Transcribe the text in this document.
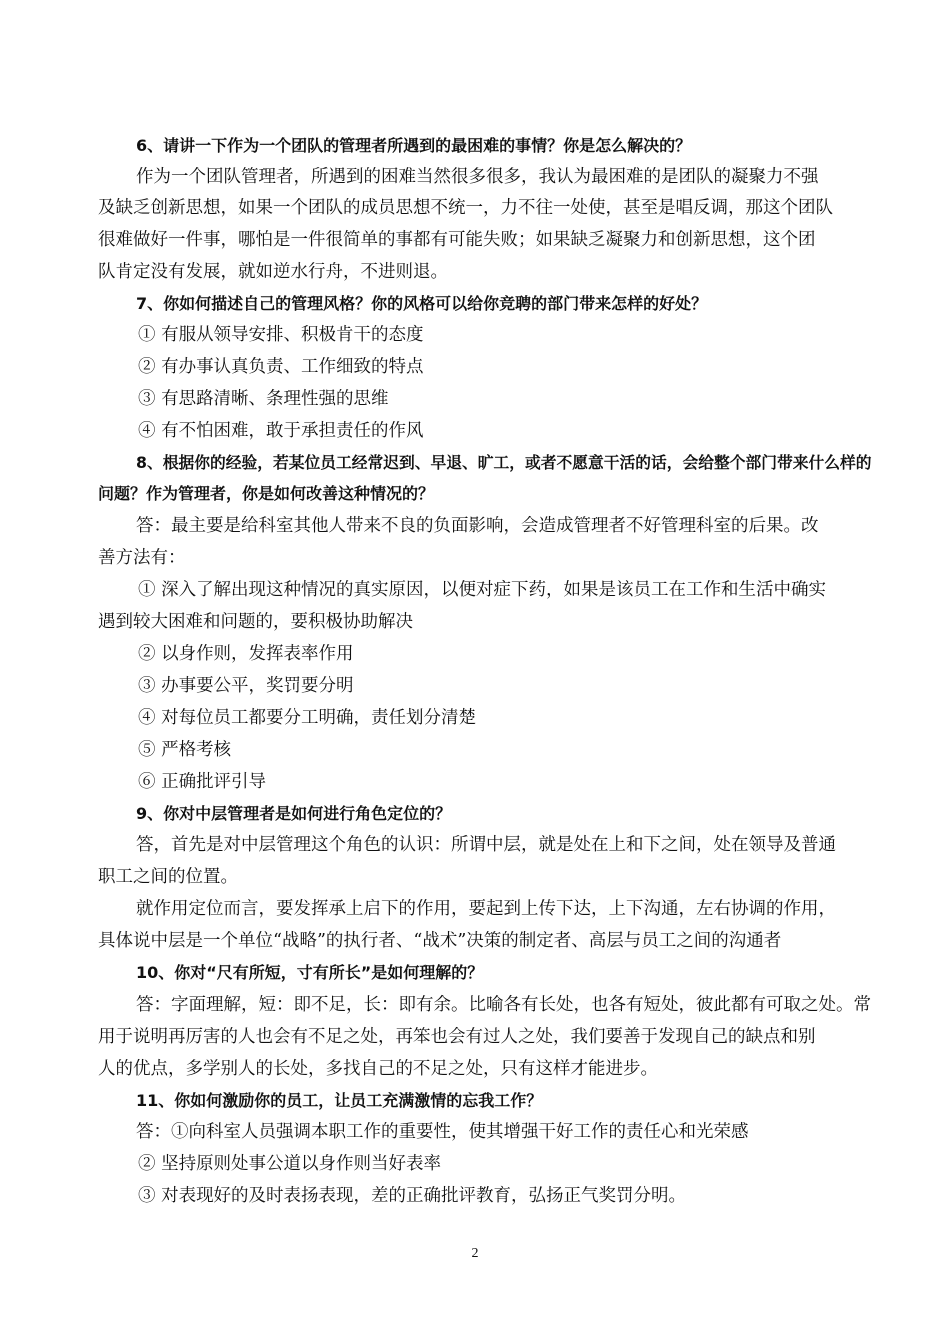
6、请讲一下作为一个团队的管理者所遇到的最困难的事情？你是怎么解决的？
作为一个团队管理者，所遇到的困难当然很多很多，我认为最困难的是团队的凝聚力不强
及缺乏创新思想，如果一个团队的成员思想不统一，力不往一处使，甚至是唱反调，那这个团队
很难做好一件事，哪怕是一件很简单的事都有可能失败；如果缺乏凝聚力和创新思想，这个团
队肯定没有发展，就如逆水行舟，不进则退。
7、你如何描述自己的管理风格？你的风格可以给你竞聘的部门带来怎样的好处？
① 有服从领导安排、积极肯干的态度
② 有办事认真负责、工作细致的特点
③ 有思路清晰、条理性强的思维
④ 有不怕困难，敢于承担责任的作风
8、根据你的经验，若某位员工经常迟到、早退、旷工，或者不愿意干活的话，会给整个部门带来什么样的
问题？作为管理者，你是如何改善这种情况的？
答：最主要是给科室其他人带来不良的负面影响，会造成管理者不好管理科室的后果。改
善方法有：
① 深入了解出现这种情况的真实原因，以便对症下药，如果是该员工在工作和生活中确实
遇到较大困难和问题的，要积极协助解决
② 以身作则，发挥表率作用
③ 办事要公平，奖罚要分明
④ 对每位员工都要分工明确，责任划分清楚
⑤ 严格考核
⑥ 正确批评引导
9、你对中层管理者是如何进行角色定位的？
答，首先是对中层管理这个角色的认识：所谓中层，就是处在上和下之间，处在领导及普通
职工之间的位置。
就作用定位而言，要发挥承上启下的作用，要起到上传下达，上下沟通，左右协调的作用，
具体说中层是一个单位“战略”的执行者、“战术”决策的制定者、高层与员工之间的沟通者
10、你对“尺有所短，寸有所长”是如何理解的？
答：字面理解，短：即不足，长：即有余。比喻各有长处，也各有短处，彼此都有可取之处。常
用于说明再厉害的人也会有不足之处，再笨也会有过人之处，我们要善于发现自己的缺点和别
人的优点，多学别人的长处，多找自己的不足之处，只有这样才能进步。
11、你如何激励你的员工，让员工充满激情的忘我工作？
答：①向科室人员强调本职工作的重要性，使其增强干好工作的责任心和光荣感
② 坚持原则处事公道以身作则当好表率
③ 对表现好的及时表扬表现，差的正确批评教育，弘扬正气奖罚分明。
2
